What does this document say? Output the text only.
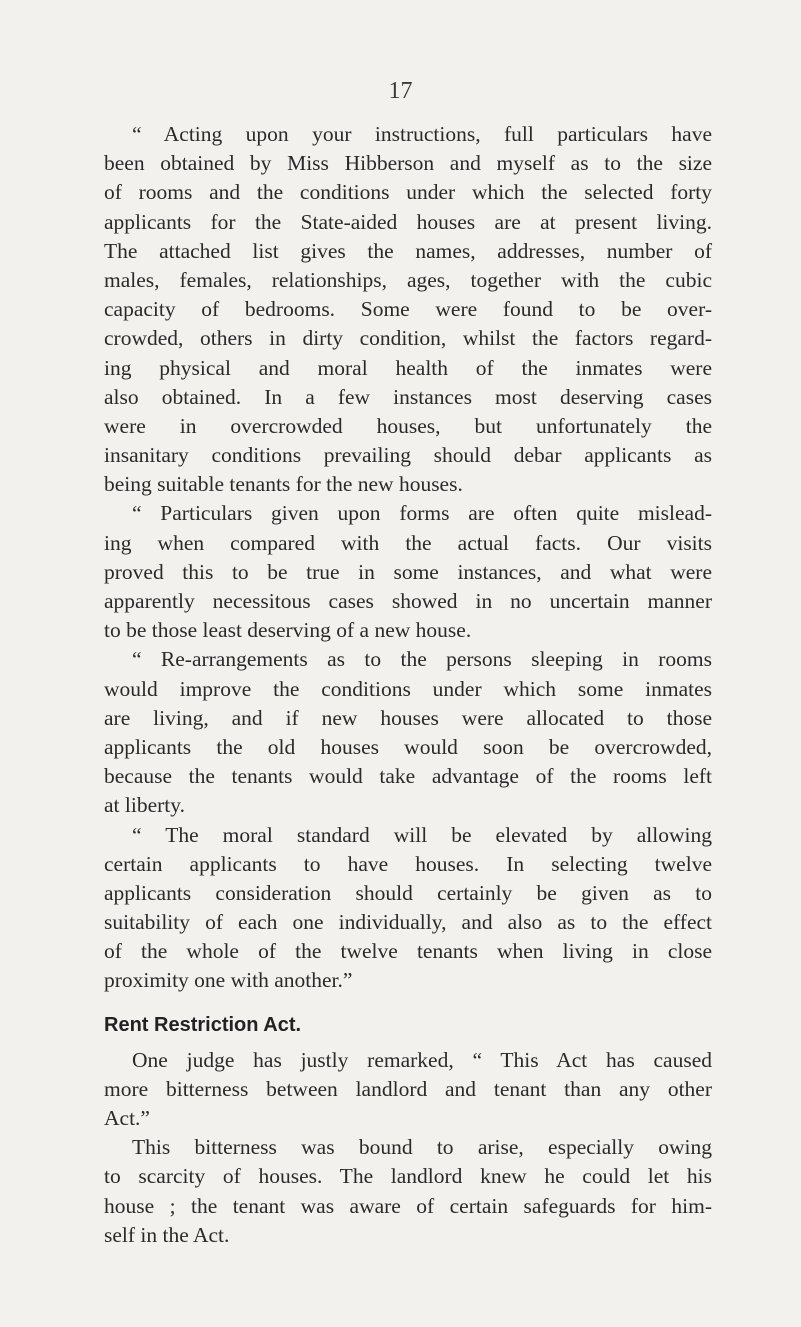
17
“ Acting upon your instructions, full particulars have
been obtained by Miss Hibberson and myself as to the size
of rooms and the conditions under which the selected forty
applicants for the State-aided houses are at present living.
The attached list gives the names, addresses, number of
males, females, relationships, ages, together with the cubic
capacity of bedrooms. Some were found to be over-
crowded, others in dirty condition, whilst the factors regard-
ing physical and moral health of the inmates were
also obtained. In a few instances most deserving cases
were in overcrowded houses, but unfortunately the
insanitary conditions prevailing should debar applicants as
being suitable tenants for the new houses.
“ Particulars given upon forms are often quite mislead-
ing when compared with the actual facts. Our visits
proved this to be true in some instances, and what were
apparently necessitous cases showed in no uncertain manner
to be those least deserving of a new house.
“ Re-arrangements as to the persons sleeping in rooms
would improve the conditions under which some inmates
are living, and if new houses were allocated to those
applicants the old houses would soon be overcrowded,
because the tenants would take advantage of the rooms left
at liberty.
“ The moral standard will be elevated by allowing
certain applicants to have houses. In selecting twelve
applicants consideration should certainly be given as to
suitability of each one individually, and also as to the effect
of the whole of the twelve tenants when living in close
proximity one with another.”
Rent Restriction Act.
One judge has justly remarked, “ This Act has caused
more bitterness between landlord and tenant than any other
Act.”
This bitterness was bound to arise, especially owing
to scarcity of houses. The landlord knew he could let his
house ; the tenant was aware of certain safeguards for him-
self in the Act.
